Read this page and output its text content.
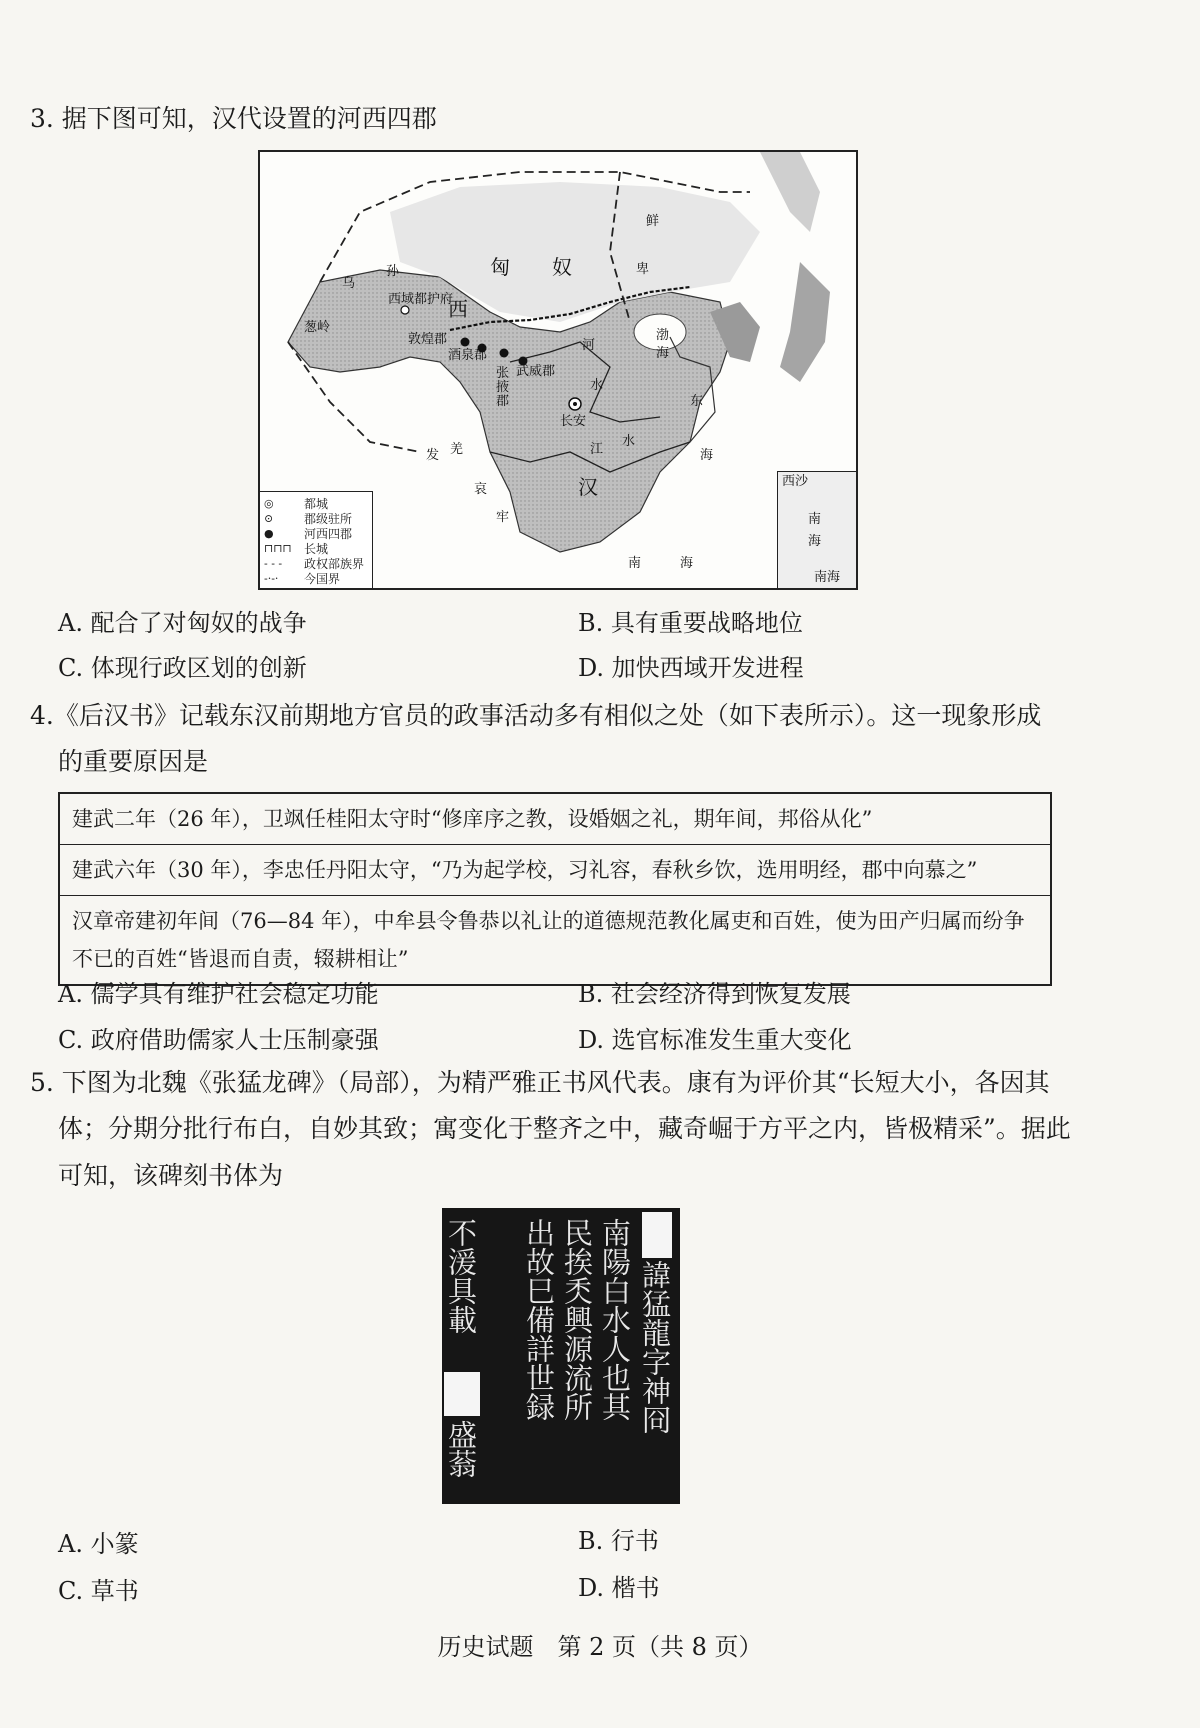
3. 据下图可知，汉代设置的河西四郡
匈 奴
鲜
卑
乌
孙
西域都护府
西
葱岭
敦煌郡
酒泉郡
张
掖
郡
武威郡
河
水
渤
海
长安
东
海
发 羌	江
水
汉
哀
牢
南	海
◎	都城
⊙	郡级驻所
●	河西四郡
⊓⊓⊓	长城
- - -	政权部族界
-·-·	今国界
西沙
南
海
南海
A. 配合了对匈奴的战争	B. 具有重要战略地位
C. 体现行政区划的创新	D. 加快西域开发进程
4.《后汉书》记载东汉前期地方官员的政事活动多有相似之处（如下表所示）。这一现象形成
的重要原因是
建武二年（26 年），卫飒任桂阳太守时“修庠序之教，设婚姻之礼，期年间，邦俗从化”
建武六年（30 年），李忠任丹阳太守，“乃为起学校，习礼容，春秋乡饮，选用明经，郡中向慕之”
汉章帝建初年间（76—84 年），中牟县令鲁恭以礼让的道德规范教化属吏和百姓，使为田产归属而纷争不已的百姓“皆退而自责，辍耕相让”
A. 儒学具有维护社会稳定功能	B. 社会经济得到恢复发展
C. 政府借助儒家人士压制豪强	D. 选官标准发生重大变化
5. 下图为北魏《张猛龙碑》（局部），为精严雅正书风代表。康有为评价其“长短大小，各因其
体；分期分批行布白，自妙其致；寓变化于整齐之中，藏奇崛于方平之内，皆极精采”。据此
可知，该碑刻书体为
諱猛龍字神冏
南陽白水人也其
民挨秂興源流所
出故巳備詳世録
不湲具載
盛蓊
A. 小篆	B. 行书
C. 草书	D. 楷书
历史试题　第 2 页（共 8 页）
